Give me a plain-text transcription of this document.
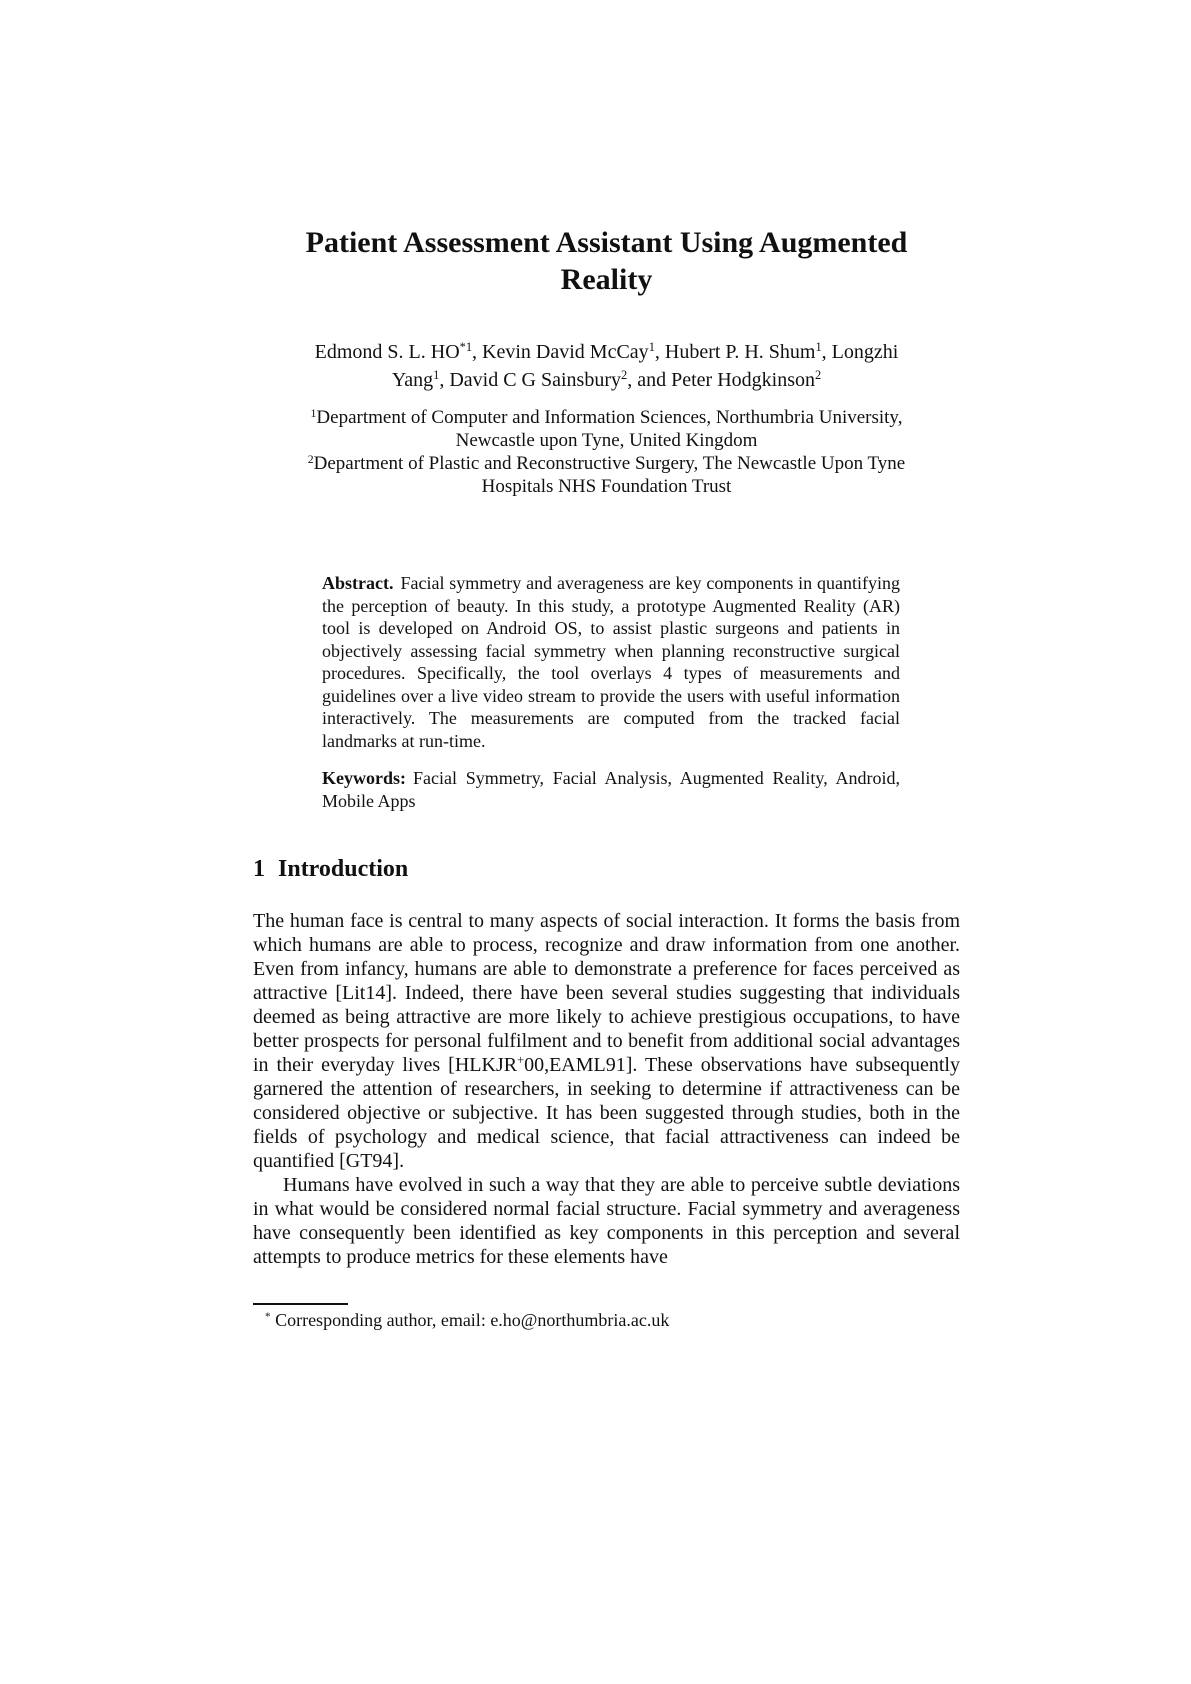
Patient Assessment Assistant Using Augmented
Reality
Edmond S. L. HO$^{*1}$, Kevin David McCay$^1$, Hubert P. H. Shum$^1$, Longzhi
Yang$^1$, David C G Sainsbury$^2$, and Peter Hodgkinson$^2$
$^1$Department of Computer and Information Sciences, Northumbria University,
Newcastle upon Tyne, United Kingdom
$^2$Department of Plastic and Reconstructive Surgery, The Newcastle Upon Tyne
Hospitals NHS Foundation Trust
Abstract. Facial symmetry and averageness are key components in quantifying the perception of beauty. In this study, a prototype Augmented Reality (AR) tool is developed on Android OS, to assist plastic surgeons and patients in objectively assessing facial symmetry when planning reconstructive surgical procedures. Specifically, the tool overlays 4 types of measurements and guidelines over a live video stream to provide the users with useful information interactively. The measurements are computed from the tracked facial landmarks at run-time.
Keywords: Facial Symmetry, Facial Analysis, Augmented Reality, Android, Mobile Apps
1 Introduction

The human face is central to many aspects of social interaction. It forms the basis from which humans are able to process, recognize and draw information from one another. Even from infancy, humans are able to demonstrate a preference for faces perceived as attractive [Lit14]. Indeed, there have been several studies suggesting that individuals deemed as being attractive are more likely to achieve prestigious occupations, to have better prospects for personal fulfilment and to benefit from additional social advantages in their everyday lives [HLKJR+00,EAML91]. These observations have subsequently garnered the attention of researchers, in seeking to determine if attractiveness can be considered objective or subjective. It has been suggested through studies, both in the fields of psychology and medical science, that facial attractiveness can indeed be quantified [GT94].

Humans have evolved in such a way that they are able to perceive subtle deviations in what would be considered normal facial structure. Facial symmetry and averageness have consequently been identified as key components in this perception and several attempts to produce metrics for these elements have

* Corresponding author, email: e.ho@northumbria.ac.uk
